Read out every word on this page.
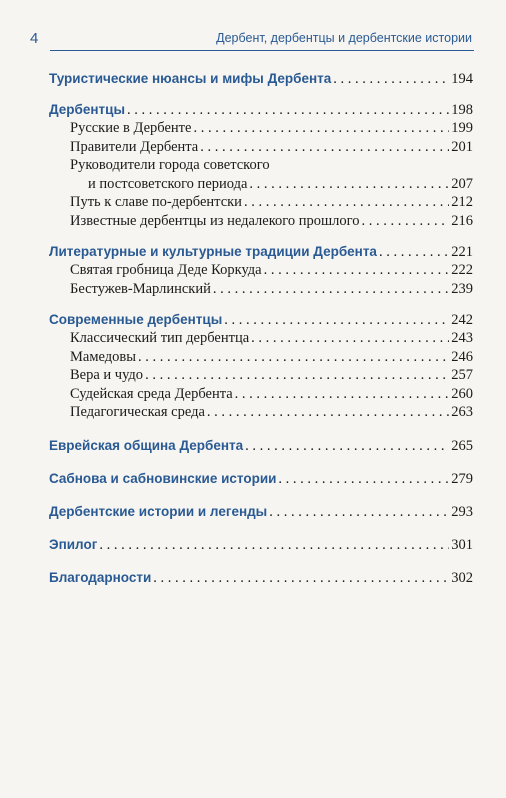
4	Дербент, дербентцы и дербентские истории
Туристические нюансы и мифы Дербента . . .	194
Дербентцы . . .	198
Русские в Дербенте . . .	199
Правители Дербента . . .	201
Руководители города советского
и постсоветского периода . . .	207
Путь к славе по-дербентски . . .	212
Известные дербентцы из недалекого прошлого . . .	216
Литературные и культурные традиции Дербента . . .	221
Святая гробница Деде Коркуда . . .	222
Бестужев-Марлинский . . .	239
Современные дербентцы . . .	242
Классический тип дербентца . . .	243
Мамедовы . . .	246
Вера и чудо . . .	257
Судейская среда Дербента . . .	260
Педагогическая среда . . .	263
Еврейская община Дербента . . .	265
Сабнова и сабновинские истории . . .	279
Дербентские истории и легенды . . .	293
Эпилог . . .	301
Благодарности . . .	302
